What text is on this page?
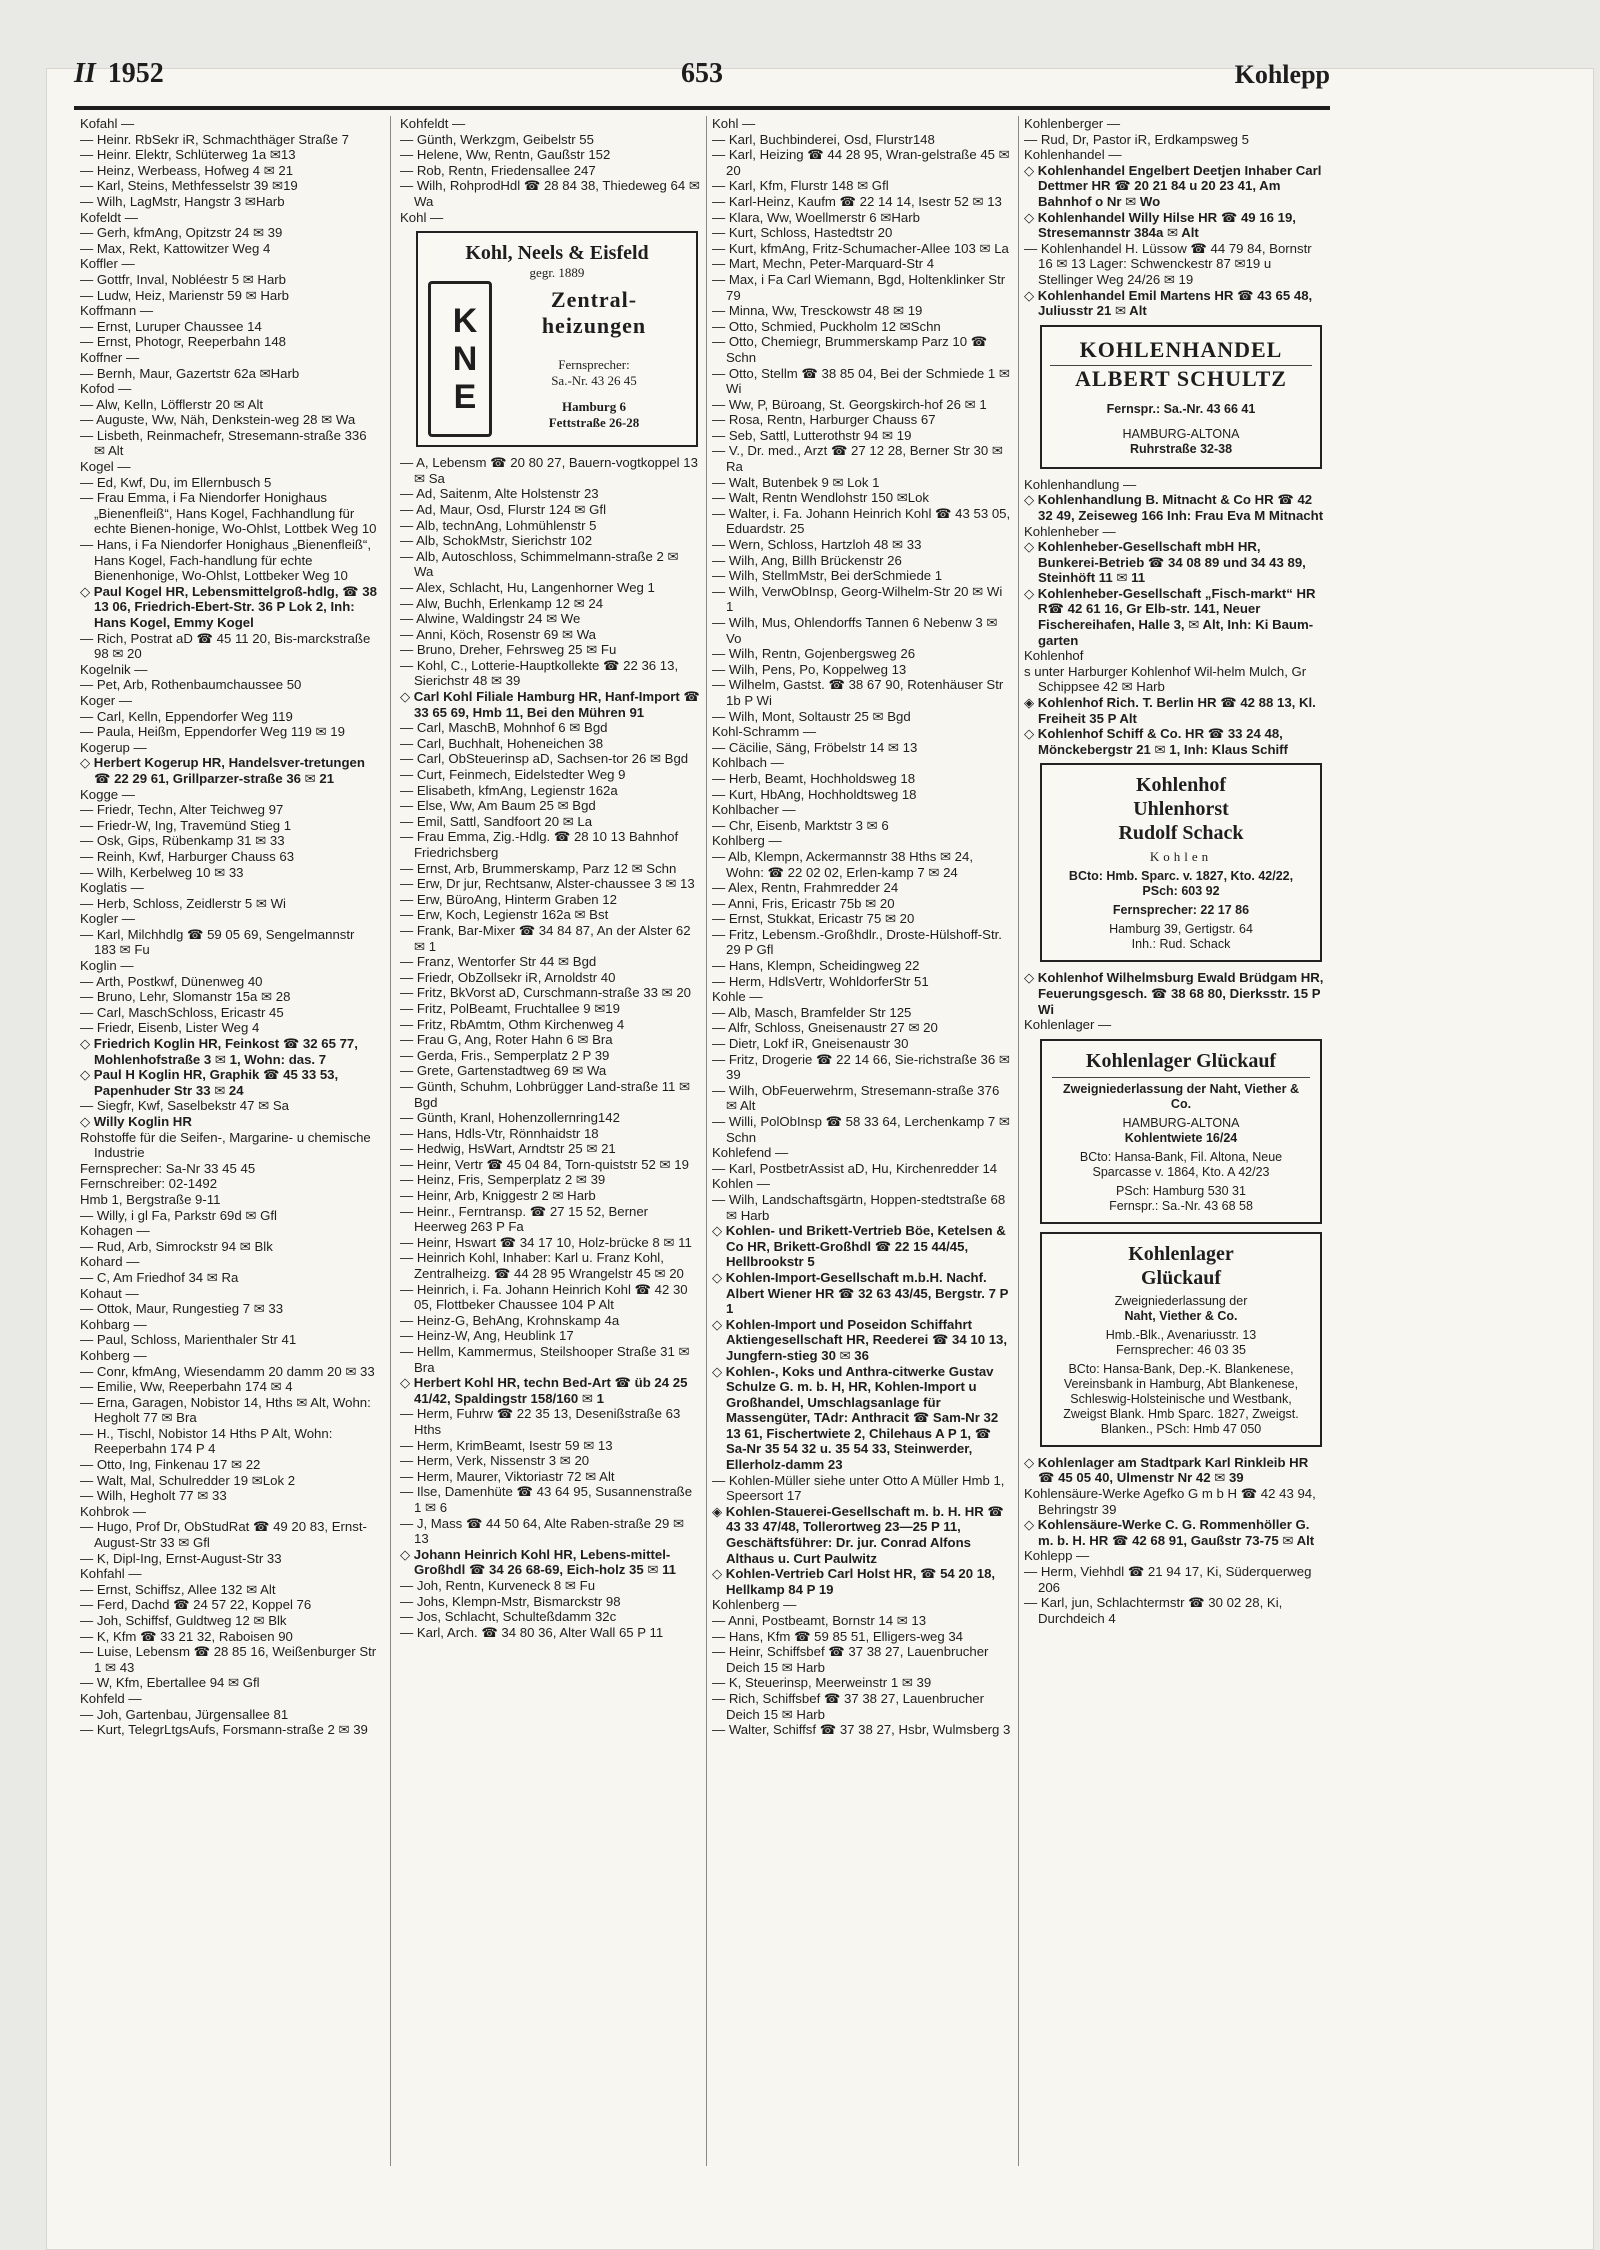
II 1952	653	Kohlepp

Kofahl —

— Heinr. RbSekr iR, Schmachthäger Straße 7

— Heinr. Elektr, Schlüterweg 1a ✉13

— Heinz, Werbeass, Hofweg 4 ✉ 21

— Karl, Steins, Methfesselstr 39 ✉19

— Wilh, LagMstr, Hangstr 3 ✉Harb

Kofeldt —

— Gerh, kfmAng, Opitzstr 24 ✉ 39

— Max, Rekt, Kattowitzer Weg 4

Koffler —

— Gottfr, Inval, Nobléestr 5 ✉ Harb

— Ludw, Heiz, Marienstr 59 ✉ Harb

Koffmann —

— Ernst, Luruper Chaussee 14

— Ernst, Photogr, Reeperbahn 148

Koffner —

— Bernh, Maur, Gazertstr 62a ✉Harb

Kofod —

— Alw, Kelln, Löfflerstr 20 ✉ Alt

— Auguste, Ww, Näh, Denkstein-weg 28 ✉ Wa

— Lisbeth, Reinmachefr, Stresemann-straße 336 ✉ Alt

Kogel —

— Ed, Kwf, Du, im Ellernbusch 5

— Frau Emma, i Fa Niendorfer Honighaus „Bienenfleiß“, Hans Kogel, Fachhandlung für echte Bienen-honige, Wo-Ohlst, Lottbek Weg 10

— Hans, i Fa Niendorfer Honighaus „Bienenfleiß“, Hans Kogel, Fach-handlung für echte Bienenhonige, Wo-Ohlst, Lottbeker Weg 10

◇ Paul Kogel HR, Lebensmittelgroß-hdlg, ☎ 38 13 06, Friedrich-Ebert-Str. 36 P Lok 2, Inh: Hans Kogel, Emmy Kogel

— Rich, Postrat aD ☎ 45 11 20, Bis-marckstraße 98 ✉ 20

Kogelnik —

— Pet, Arb, Rothenbaumchaussee 50

Koger —

— Carl, Kelln, Eppendorfer Weg 119

— Paula, Heißm, Eppendorfer Weg 119 ✉ 19

Kogerup —

◇ Herbert Kogerup HR, Handelsver-tretungen ☎ 22 29 61, Grillparzer-straße 36 ✉ 21

Kogge —

— Friedr, Techn, Alter Teichweg 97

— Friedr-W, Ing, Travemünd Stieg 1

— Osk, Gips, Rübenkamp 31 ✉ 33

— Reinh, Kwf, Harburger Chauss 63

— Wilh, Kerbelweg 10 ✉ 33

Koglatis —

— Herb, Schloss, Zeidlerstr 5 ✉ Wi

Kogler —

— Karl, Milchhdlg ☎ 59 05 69, Sengelmannstr 183 ✉ Fu

Koglin —

— Arth, Postkwf, Dünenweg 40

— Bruno, Lehr, Slomanstr 15a ✉ 28

— Carl, MaschSchloss, Ericastr 45

— Friedr, Eisenb, Lister Weg 4

◇ Friedrich Koglin HR, Feinkost ☎ 32 65 77, Mohlenhofstraße 3 ✉ 1, Wohn: das. 7

◇ Paul H Koglin HR, Graphik ☎ 45 33 53, Papenhuder Str 33 ✉ 24

— Siegfr, Kwf, Saselbekstr 47 ✉ Sa

◇ Willy Koglin HR

Rohstoffe für die Seifen-, Margarine- u chemische Industrie

Fernsprecher: Sa-Nr 33 45 45

Fernschreiber: 02-1492

Hmb 1, Bergstraße 9-11

— Willy, i gl Fa, Parkstr 69d ✉ Gfl

Kohagen —

— Rud, Arb, Simrockstr 94 ✉ Blk

Kohard —

— C, Am Friedhof 34 ✉ Ra

Kohaut —

— Ottok, Maur, Rungestieg 7 ✉ 33

Kohbarg —

— Paul, Schloss, Marienthaler Str 41

Kohberg —

— Conr, kfmAng, Wiesendamm 20 damm 20 ✉ 33

— Emilie, Ww, Reeperbahn 174 ✉ 4

— Erna, Garagen, Nobistor 14, Hths ✉ Alt, Wohn: Hegholt 77 ✉ Bra

— H., Tischl, Nobistor 14 Hths P Alt, Wohn: Reeperbahn 174 P 4

— Otto, Ing, Finkenau 17 ✉ 22

— Walt, Mal, Schulredder 19 ✉Lok 2

— Wilh, Hegholt 77 ✉ 33

Kohbrok —

— Hugo, Prof Dr, ObStudRat ☎ 49 20 83, Ernst-August-Str 33 ✉ Gfl

— K, Dipl-Ing, Ernst-August-Str 33

Kohfahl —

— Ernst, Schiffsz, Allee 132 ✉ Alt

— Ferd, Dachd ☎ 24 57 22, Koppel 76

— Joh, Schiffsf, Guldtweg 12 ✉ Blk

— K, Kfm ☎ 33 21 32, Raboisen 90

— Luise, Lebensm ☎ 28 85 16, Weißenburger Str 1 ✉ 43

— W, Kfm, Ebertallee 94 ✉ Gfl

Kohfeld —

— Joh, Gartenbau, Jürgensallee 81

— Kurt, TelegrLtgsAufs, Forsmann-straße 2 ✉ 39

Kohfeldt —

— Günth, Werkzgm, Geibelstr 55

— Helene, Ww, Rentn, Gaußstr 152

— Rob, Rentn, Friedensallee 247

— Wilh, RohprodHdl ☎ 28 84 38, Thiedeweg 64 ✉ Wa

Kohl —

Kohl, Neels & Eisfeld
gegr. 1889
KNE
Zentral-
heizungen
Fernsprecher:
Sa.-Nr. 43 26 45
Hamburg 6
Fettstraße 26-28

— A, Lebensm ☎ 20 80 27, Bauern-vogtkoppel 13 ✉ Sa

— Ad, Saitenm, Alte Holstenstr 23

— Ad, Maur, Osd, Flurstr 124 ✉ Gfl

— Alb, technAng, Lohmühlenstr 5

— Alb, SchokMstr, Sierichstr 102

— Alb, Autoschloss, Schimmelmann-straße 2 ✉ Wa

— Alex, Schlacht, Hu, Langenhorner Weg 1

— Alw, Buchh, Erlenkamp 12 ✉ 24

— Alwine, Waldingstr 24 ✉ We

— Anni, Köch, Rosenstr 69 ✉ Wa

— Bruno, Dreher, Fehrsweg 25 ✉ Fu

— Kohl, C., Lotterie-Hauptkollekte ☎ 22 36 13, Sierichstr 48 ✉ 39

◇ Carl Kohl Filiale Hamburg HR, Hanf-Import ☎ 33 65 69, Hmb 11, Bei den Mühren 91

— Carl, MaschB, Mohnhof 6 ✉ Bgd

— Carl, Buchhalt, Hoheneichen 38

— Carl, ObSteuerinsp aD, Sachsen-tor 26 ✉ Bgd

— Curt, Feinmech, Eidelstedter Weg 9

— Elisabeth, kfmAng, Legienstr 162a

— Else, Ww, Am Baum 25 ✉ Bgd

— Emil, Sattl, Sandfoort 20 ✉ La

— Frau Emma, Zig.-Hdlg. ☎ 28 10 13 Bahnhof Friedrichsberg

— Ernst, Arb, Brummerskamp, Parz 12 ✉ Schn

— Erw, Dr jur, Rechtsanw, Alster-chaussee 3 ✉ 13

— Erw, BüroAng, Hinterm Graben 12

— Erw, Koch, Legienstr 162a ✉ Bst

— Frank, Bar-Mixer ☎ 34 84 87, An der Alster 62 ✉ 1

— Franz, Wentorfer Str 44 ✉ Bgd

— Friedr, ObZollsekr iR, Arnoldstr 40

— Fritz, BkVorst aD, Curschmann-straße 33 ✉ 20

— Fritz, PolBeamt, Fruchtallee 9 ✉19

— Fritz, RbAmtm, Othm Kirchenweg 4

— Frau G, Ang, Roter Hahn 6 ✉ Bra

— Gerda, Fris., Semperplatz 2 P 39

— Grete, Gartenstadtweg 69 ✉ Wa

— Günth, Schuhm, Lohbrügger Land-straße 11 ✉ Bgd

— Günth, Kranl, Hohenzollernring142

— Hans, Hdls-Vtr, Rönnhaidstr 18

— Hedwig, HsWart, Arndtstr 25 ✉ 21

— Heinr, Vertr ☎ 45 04 84, Torn-quiststr 52 ✉ 19

— Heinz, Fris, Semperplatz 2 ✉ 39

— Heinr, Arb, Kniggestr 2 ✉ Harb

— Heinr., Ferntransp. ☎ 27 15 52, Berner Heerweg 263 P Fa

— Heinr, Hswart ☎ 34 17 10, Holz-brücke 8 ✉ 11

— Heinrich Kohl, Inhaber: Karl u. Franz Kohl, Zentralheizg. ☎ 44 28 95 Wrangelstr 45 ✉ 20

— Heinrich, i. Fa. Johann Heinrich Kohl ☎ 42 30 05, Flottbeker Chaussee 104 P Alt

— Heinz-G, BehAng, Krohnskamp 4a

— Heinz-W, Ang, Heublink 17

— Hellm, Kammermus, Steilshooper Straße 31 ✉ Bra

◇ Herbert Kohl HR, techn Bed-Art ☎ üb 24 25 41/42, Spaldingstr 158/160 ✉ 1

— Herm, Fuhrw ☎ 22 35 13, Desenißstraße 63 Hths

— Herm, KrimBeamt, Isestr 59 ✉ 13

— Herm, Verk, Nissenstr 3 ✉ 20

— Herm, Maurer, Viktoriastr 72 ✉ Alt

— Ilse, Damenhüte ☎ 43 64 95, Susannenstraße 1 ✉ 6

— J, Mass ☎ 44 50 64, Alte Raben-straße 29 ✉ 13

◇ Johann Heinrich Kohl HR, Lebens-mittel-Großhdl ☎ 34 26 68-69, Eich-holz 35 ✉ 11

— Joh, Rentn, Kurveneck 8 ✉ Fu

— Johs, Klempn-Mstr, Bismarckstr 98

— Jos, Schlacht, Schulteßdamm 32c

— Karl, Arch. ☎ 34 80 36, Alter Wall 65 P 11

Kohl —

— Karl, Buchbinderei, Osd, Flurstr148

— Karl, Heizing ☎ 44 28 95, Wran-gelstraße 45 ✉ 20

— Karl, Kfm, Flurstr 148 ✉ Gfl

— Karl-Heinz, Kaufm ☎ 22 14 14, Isestr 52 ✉ 13

— Klara, Ww, Woellmerstr 6 ✉Harb

— Kurt, Schloss, Hastedtstr 20

— Kurt, kfmAng, Fritz-Schumacher-Allee 103 ✉ La

— Mart, Mechn, Peter-Marquard-Str 4

— Max, i Fa Carl Wiemann, Bgd, Holtenklinker Str 79

— Minna, Ww, Tresckowstr 48 ✉ 19

— Otto, Schmied, Puckholm 12 ✉Schn

— Otto, Chemiegr, Brummerskamp Parz 10 ☎ Schn

— Otto, Stellm ☎ 38 85 04, Bei der Schmiede 1 ✉ Wi

— Ww, P, Büroang, St. Georgskirch-hof 26 ✉ 1

— Rosa, Rentn, Harburger Chauss 67

— Seb, Sattl, Lutterothstr 94 ✉ 19

— V., Dr. med., Arzt ☎ 27 12 28, Berner Str 30 ✉ Ra

— Walt, Butenbek 9 ✉ Lok 1

— Walt, Rentn Wendlohstr 150 ✉Lok

— Walter, i. Fa. Johann Heinrich Kohl ☎ 43 53 05, Eduardstr. 25

— Wern, Schloss, Hartzloh 48 ✉ 33

— Wilh, Ang, Billh Brückenstr 26

— Wilh, StellmMstr, Bei derSchmiede 1

— Wilh, VerwObInsp, Georg-Wilhelm-Str 20 ✉ Wi 1

— Wilh, Mus, Ohlendorffs Tannen 6 Nebenw 3 ✉ Vo

— Wilh, Rentn, Gojenbergsweg 26

— Wilh, Pens, Po, Koppelweg 13

— Wilhelm, Gastst. ☎ 38 67 90, Rotenhäuser Str 1b P Wi

— Wilh, Mont, Soltaustr 25 ✉ Bgd

Kohl-Schramm —

— Cäcilie, Säng, Fröbelstr 14 ✉ 13

Kohlbach —

— Herb, Beamt, Hochholdsweg 18

— Kurt, HbAng, Hochholdtsweg 18

Kohlbacher —

— Chr, Eisenb, Marktstr 3 ✉ 6

Kohlberg —

— Alb, Klempn, Ackermannstr 38 Hths ✉ 24, Wohn: ☎ 22 02 02, Erlen-kamp 7 ✉ 24

— Alex, Rentn, Frahmredder 24

— Anni, Fris, Ericastr 75b ✉ 20

— Ernst, Stukkat, Ericastr 75 ✉ 20

— Fritz, Lebensm.-Großhdlr., Droste-Hülshoff-Str. 29 P Gfl

— Hans, Klempn, Scheidingweg 22

— Herm, HdlsVertr, WohldorferStr 51

Kohle —

— Alb, Masch, Bramfelder Str 125

— Alfr, Schloss, Gneisenaustr 27 ✉ 20

— Dietr, Lokf iR, Gneisenaustr 30

— Fritz, Drogerie ☎ 22 14 66, Sie-richstraße 36 ✉ 39

— Wilh, ObFeuerwehrm, Stresemann-straße 376 ✉ Alt

— Willi, PolObInsp ☎ 58 33 64, Lerchenkamp 7 ✉ Schn

Kohlefend —

— Karl, PostbetrAssist aD, Hu, Kirchenredder 14

Kohlen —

— Wilh, Landschaftsgärtn, Hoppen-stedtstraße 68 ✉ Harb

◇ Kohlen- und Brikett-Vertrieb Böe, Ketelsen & Co HR, Brikett-Großhdl ☎ 22 15 44/45, Hellbrookstr 5

◇ Kohlen-Import-Gesellschaft m.b.H. Nachf. Albert Wiener HR ☎ 32 63 43/45, Bergstr. 7 P 1

◇ Kohlen-Import und Poseidon Schiffahrt Aktiengesellschaft HR, Reederei ☎ 34 10 13, Jungfern-stieg 30 ✉ 36

◇ Kohlen-, Koks und Anthra-citwerke Gustav Schulze G. m. b. H, HR, Kohlen-Import u Großhandel, Umschlagsanlage für Massengüter, TAdr: Anthracit ☎ Sam-Nr 32 13 61, Fischertwiete 2, Chilehaus A P 1, ☎ Sa-Nr 35 54 32 u. 35 54 33, Steinwerder, Ellerholz-damm 23

— Kohlen-Müller siehe unter Otto A Müller Hmb 1, Speersort 17

◈ Kohlen-Stauerei-Gesellschaft m. b. H. HR ☎ 43 33 47/48, Tollerortweg 23—25 P 11, Geschäftsführer: Dr. jur. Conrad Alfons Althaus u. Curt Paulwitz

◇ Kohlen-Vertrieb Carl Holst HR, ☎ 54 20 18, Hellkamp 84 P 19

Kohlenberg —

— Anni, Postbeamt, Bornstr 14 ✉ 13

— Hans, Kfm ☎ 59 85 51, Elligers-weg 34

— Heinr, Schiffsbef ☎ 37 38 27, Lauenbrucher Deich 15 ✉ Harb

— K, Steuerinsp, Meerweinstr 1 ✉ 39

— Rich, Schiffsbef ☎ 37 38 27, Lauenbrucher Deich 15 ✉ Harb

— Walter, Schiffsf ☎ 37 38 27, Hsbr, Wulmsberg 3

Kohlenberger —

— Rud, Dr, Pastor iR, Erdkampsweg 5

Kohlenhandel —

◇ Kohlenhandel Engelbert Deetjen Inhaber Carl Dettmer HR ☎ 20 21 84 u 20 23 41, Am Bahnhof o Nr ✉ Wo

◇ Kohlenhandel Willy Hilse HR ☎ 49 16 19, Stresemannstr 384a ✉ Alt

— Kohlenhandel H. Lüssow ☎ 44 79 84, Bornstr 16 ✉ 13 Lager: Schwenckestr 87 ✉19 u Stellinger Weg 24/26 ✉ 19

◇ Kohlenhandel Emil Martens HR ☎ 43 65 48, Juliusstr 21 ✉ Alt

KOHLENHANDEL
ALBERT SCHULTZ
Fernspr.: Sa.-Nr. 43 66 41
HAMBURG-ALTONA
Ruhrstraße 32-38

Kohlenhandlung —

◇ Kohlenhandlung B. Mitnacht & Co HR ☎ 42 32 49, Zeiseweg 166 Inh: Frau Eva M Mitnacht

Kohlenheber —

◇ Kohlenheber-Gesellschaft mbH HR, Bunkerei-Betrieb ☎ 34 08 89 und 34 43 89, Steinhöft 11 ✉ 11

◇ Kohlenheber-Gesellschaft „Fisch-markt“ HR R☎ 42 61 16, Gr Elb-str. 141, Neuer Fischereihafen, Halle 3, ✉ Alt, Inh: Ki Baum-garten

Kohlenhof

s unter Harburger Kohlenhof Wil-helm Mulch, Gr Schippsee 42 ✉ Harb

◈ Kohlenhof Rich. T. Berlin HR ☎ 42 88 13, Kl. Freiheit 35 P Alt

◇ Kohlenhof Schiff & Co. HR ☎ 33 24 48, Mönckebergstr 21 ✉ 1, Inh: Klaus Schiff

Kohlenhof
Uhlenhorst
Rudolf Schack
Kohlen
BCto: Hmb. Sparc. v. 1827, Kto. 42/22, PSch: 603 92
Fernsprecher: 22 17 86
Hamburg 39, Gertigstr. 64
Inh.: Rud. Schack

◇ Kohlenhof Wilhelmsburg Ewald Brüdgam HR, Feuerungsgesch. ☎ 38 68 80, Dierksstr. 15 P Wi

Kohlenlager —

Kohlenlager Glückauf
Zweigniederlassung der Naht, Viether & Co.
HAMBURG-ALTONA
Kohlentwiete 16/24
BCto: Hansa-Bank, Fil. Altona, Neue Sparcasse v. 1864, Kto. A 42/23
PSch: Hamburg 530 31
Fernspr.: Sa.-Nr. 43 68 58
Kohlenlager
Glückauf
Zweigniederlassung der
Naht, Viether & Co.
Hmb.-Blk., Avenariusstr. 13
Fernsprecher: 46 03 35
BCto: Hansa-Bank, Dep.-K. Blankenese, Vereinsbank in Hamburg, Abt Blankenese, Schleswig-Holsteinische und Westbank, Zweigst Blank. Hmb Sparc. 1827, Zweigst. Blanken., PSch: Hmb 47 050

◇ Kohlenlager am Stadtpark Karl Rinkleib HR ☎ 45 05 40, Ulmenstr Nr 42 ✉ 39

Kohlensäure-Werke Agefko G m b H ☎ 42 43 94, Behringstr 39

◇ Kohlensäure-Werke C. G. Rommenhöller G. m. b. H. HR ☎ 42 68 91, Gaußstr 73-75 ✉ Alt

Kohlepp —

— Herm, Viehhdl ☎ 21 94 17, Ki, Süderquerweg 206

— Karl, jun, Schlachtermstr ☎ 30 02 28, Ki, Durchdeich 4
